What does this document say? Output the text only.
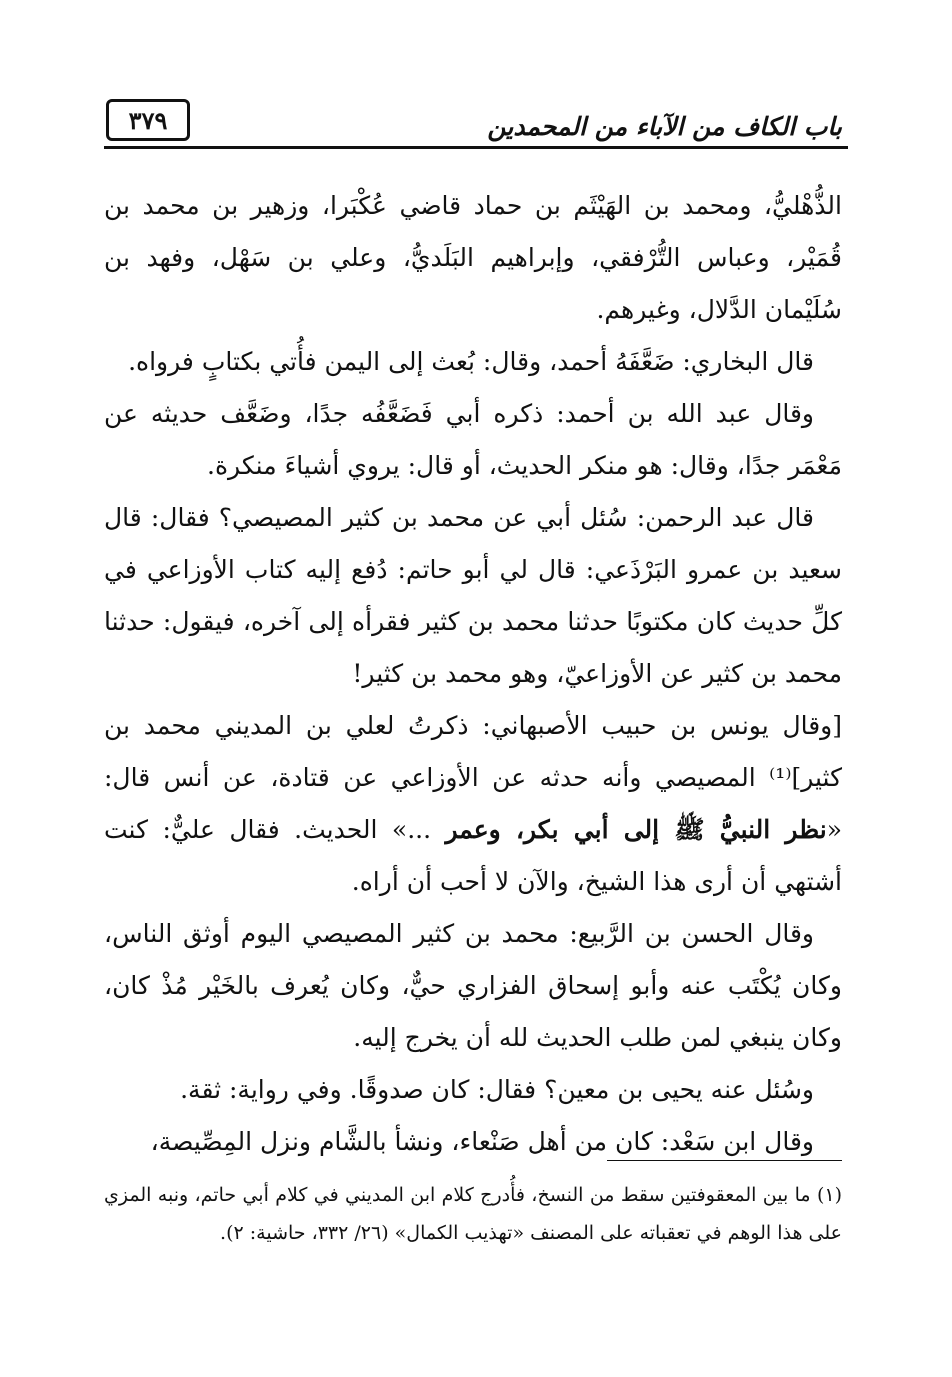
باب الكاف من الآباء من المحمدين
٣٧٩

الذُّهْليُّ، ومحمد بن الهَيْثَم بن حماد قاضي عُكْبَرا، وزهير بن محمد بن قُمَيْر، وعباس التُّرْفقي، وإبراهيم البَلَديُّ، وعلي بن سَهْل، وفهد بن سُلَيْمان الدَّلال، وغيرهم.

قال البخاري: ضَعَّفَهُ أحمد، وقال: بُعث إلى اليمن فأُتي بكتابٍ فرواه.

وقال عبد الله بن أحمد: ذكره أبي فَضَعَّفُه جدًا، وضَعَّف حديثه عن مَعْمَر جدًا، وقال: هو منكر الحديث، أو قال: يروي أشياءَ منكرة.

قال عبد الرحمن: سُئل أبي عن محمد بن كثير المصيصي؟ فقال: قال سعيد بن عمرو البَرْذَعي: قال لي أبو حاتم: دُفع إليه كتاب الأوزاعي في كلِّ حديث كان مكتوبًا حدثنا محمد بن كثير فقرأه إلى آخره، فيقول: حدثنا محمد بن كثير عن الأوزاعيّ، وهو محمد بن كثير!

[وقال يونس بن حبيب الأصبهاني: ذكرتُ لعلي بن المديني محمد بن كثير]⁽¹⁾ المصيصي وأنه حدثه عن الأوزاعي عن قتادة، عن أنس قال: «نظر النبيُّ ﷺ إلى أبي بكر، وعمر ...» الحديث. فقال عليٌّ: كنت أشتهي أن أرى هذا الشيخ، والآن لا أحب أن أراه.

وقال الحسن بن الرَّبيع: محمد بن كثير المصيصي اليوم أوثق الناس، وكان يُكْتَب عنه وأبو إسحاق الفزاري حيٌّ، وكان يُعرف بالخَيْر مُذْ كان، وكان ينبغي لمن طلب الحديث لله أن يخرج إليه.

وسُئل عنه يحيى بن معين؟ فقال: كان صدوقًا. وفي رواية: ثقة.

وقال ابن سَعْد: كان من أهل صَنْعاء، ونشأ بالشَّام ونزل المِصِّيصة،

(١) ما بين المعقوفتين سقط من النسخ، فأُدرج كلام ابن المديني في كلام أبي حاتم، ونبه المزي على هذا الوهم في تعقباته على المصنف «تهذيب الكمال» (٢٦/ ٣٣٢، حاشية: ٢).
